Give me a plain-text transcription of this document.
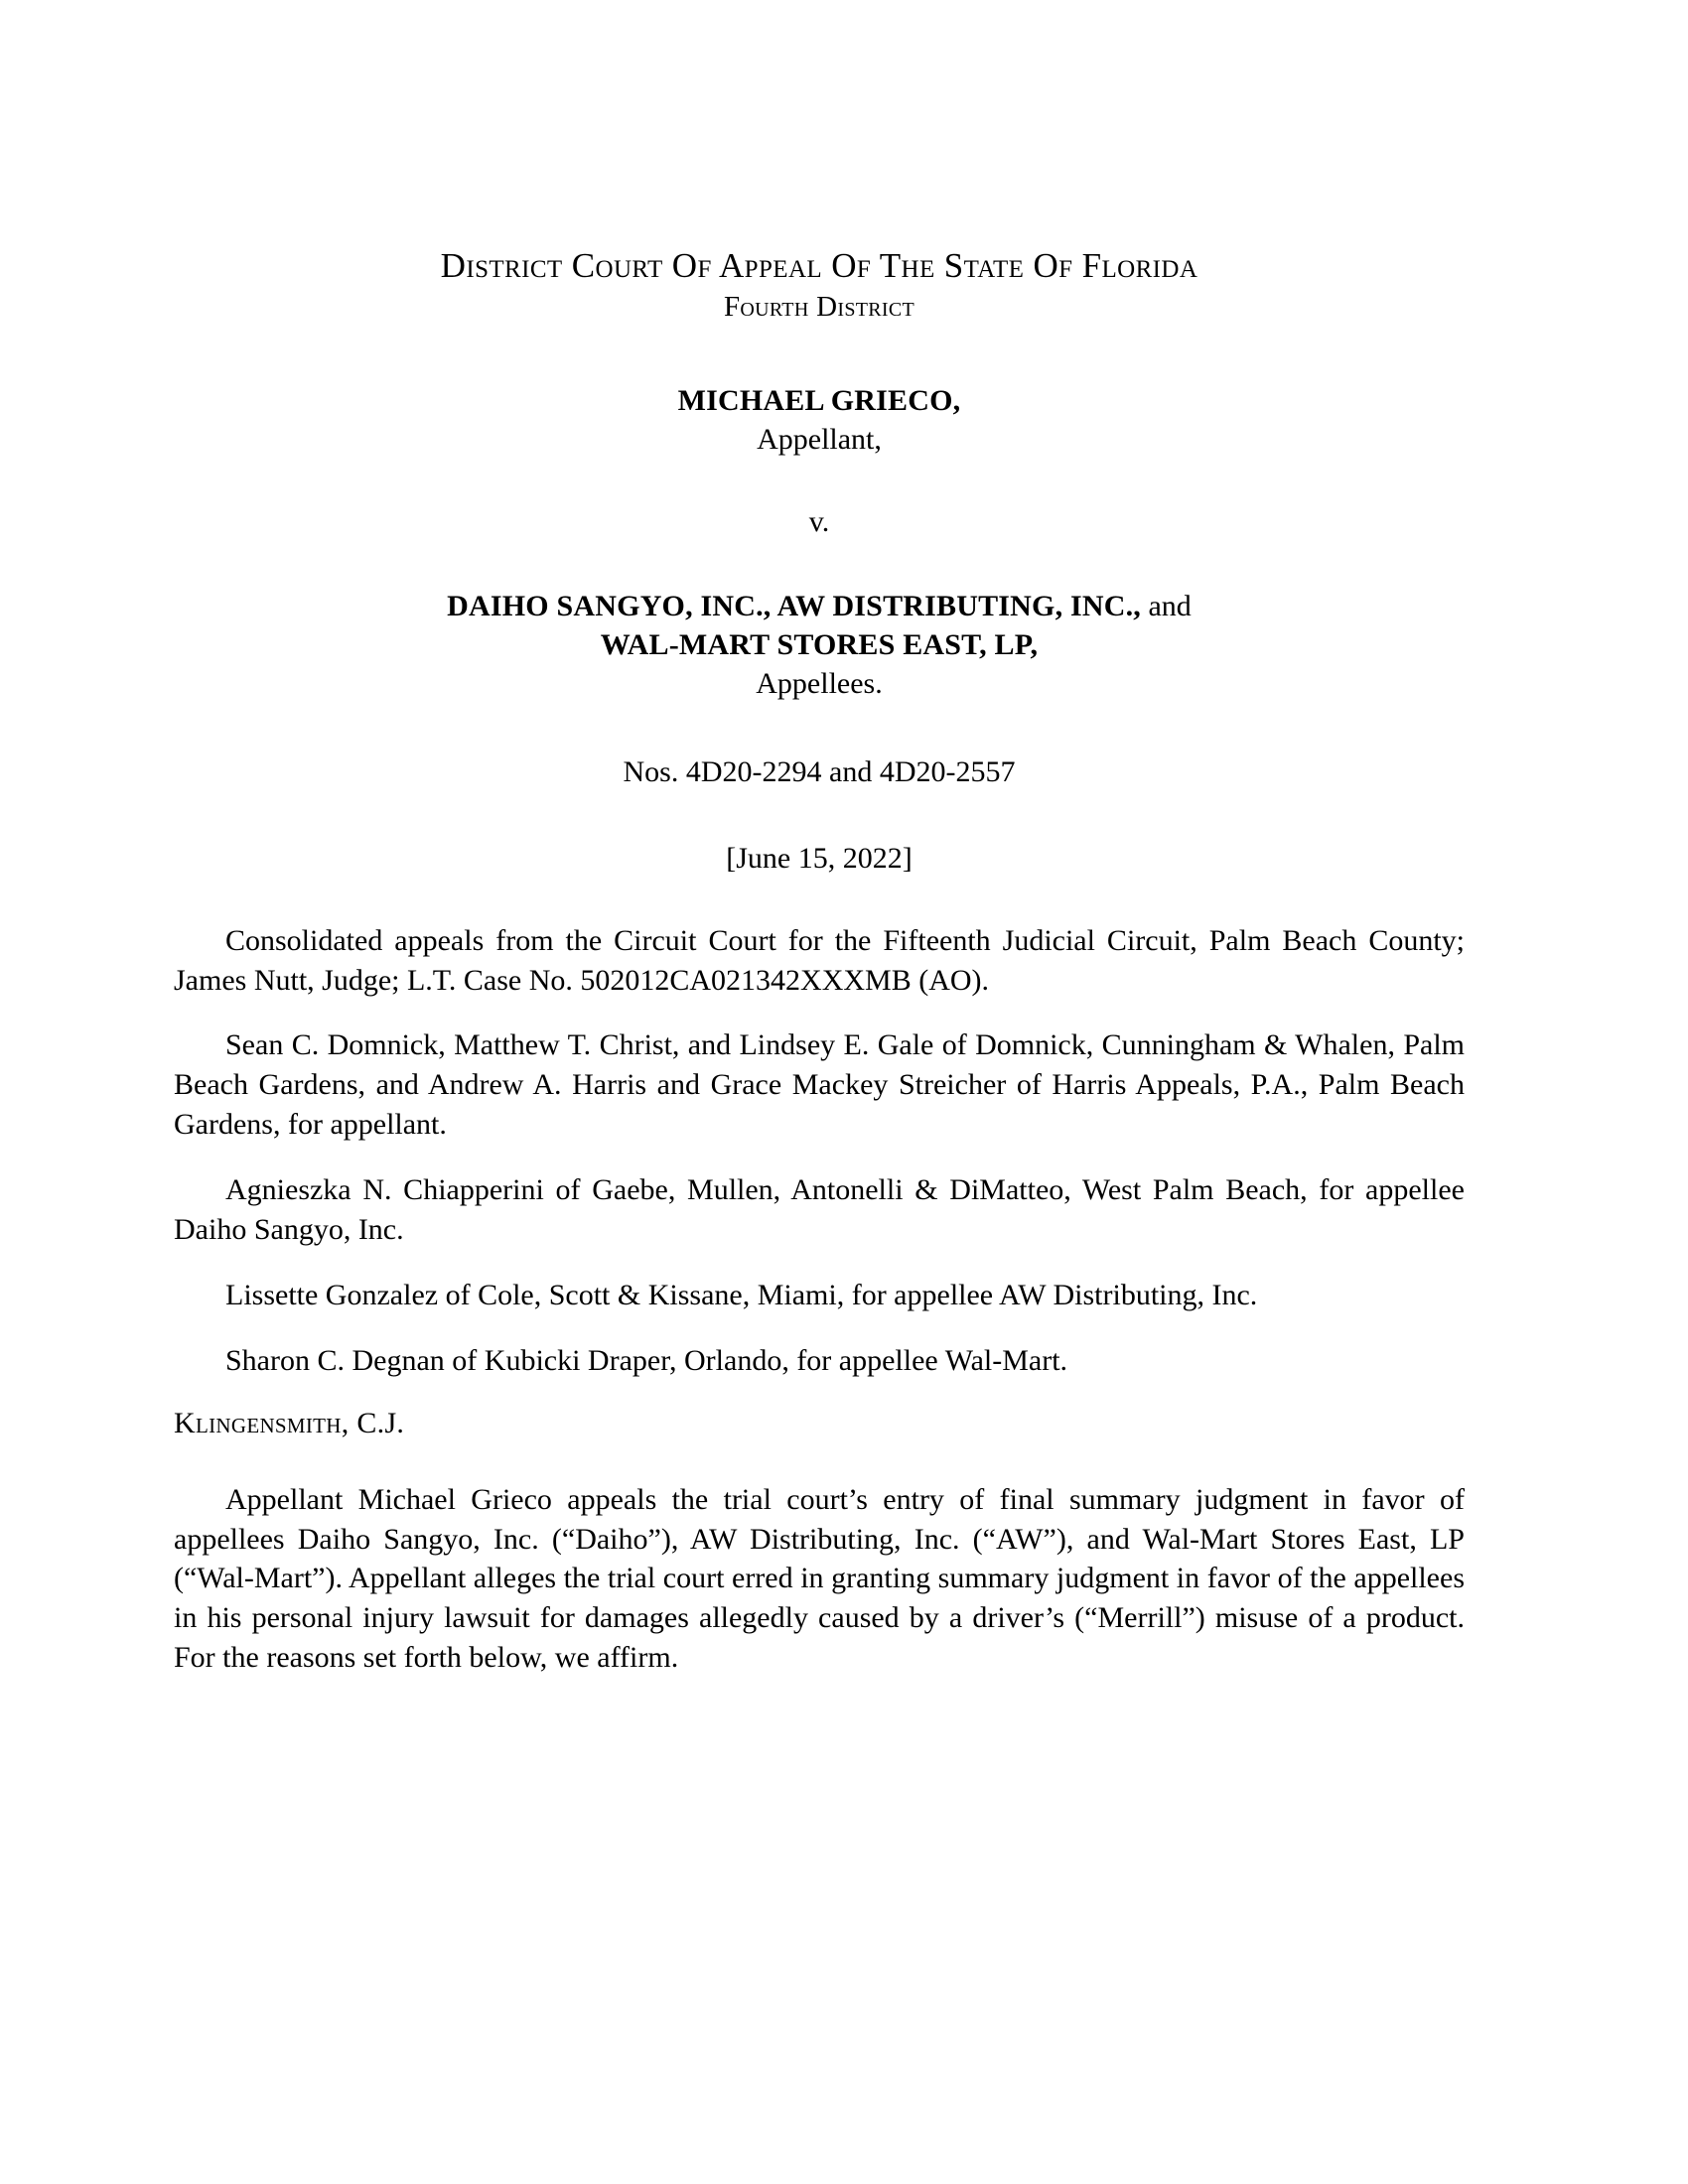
District Court Of Appeal Of The State Of Florida
Fourth District
MICHAEL GRIECO,
Appellant,
v.
DAIHO SANGYO, INC., AW DISTRIBUTING, INC., and
WAL-MART STORES EAST, LP,
Appellees.
Nos. 4D20-2294 and 4D20-2557
[June 15, 2022]

Consolidated appeals from the Circuit Court for the Fifteenth Judicial Circuit, Palm Beach County; James Nutt, Judge; L.T. Case No. 502012CA021342XXXMB (AO).

Sean C. Domnick, Matthew T. Christ, and Lindsey E. Gale of Domnick, Cunningham & Whalen, Palm Beach Gardens, and Andrew A. Harris and Grace Mackey Streicher of Harris Appeals, P.A., Palm Beach Gardens, for appellant.

Agnieszka N. Chiapperini of Gaebe, Mullen, Antonelli & DiMatteo, West Palm Beach, for appellee Daiho Sangyo, Inc.

Lissette Gonzalez of Cole, Scott & Kissane, Miami, for appellee AW Distributing, Inc.

Sharon C. Degnan of Kubicki Draper, Orlando, for appellee Wal-Mart.

Klingensmith, C.J.

Appellant Michael Grieco appeals the trial court’s entry of final summary judgment in favor of appellees Daiho Sangyo, Inc. (“Daiho”), AW Distributing, Inc. (“AW”), and Wal-Mart Stores East, LP (“Wal-Mart”). Appellant alleges the trial court erred in granting summary judgment in favor of the appellees in his personal injury lawsuit for damages allegedly caused by a driver’s (“Merrill”) misuse of a product. For the reasons set forth below, we affirm.
